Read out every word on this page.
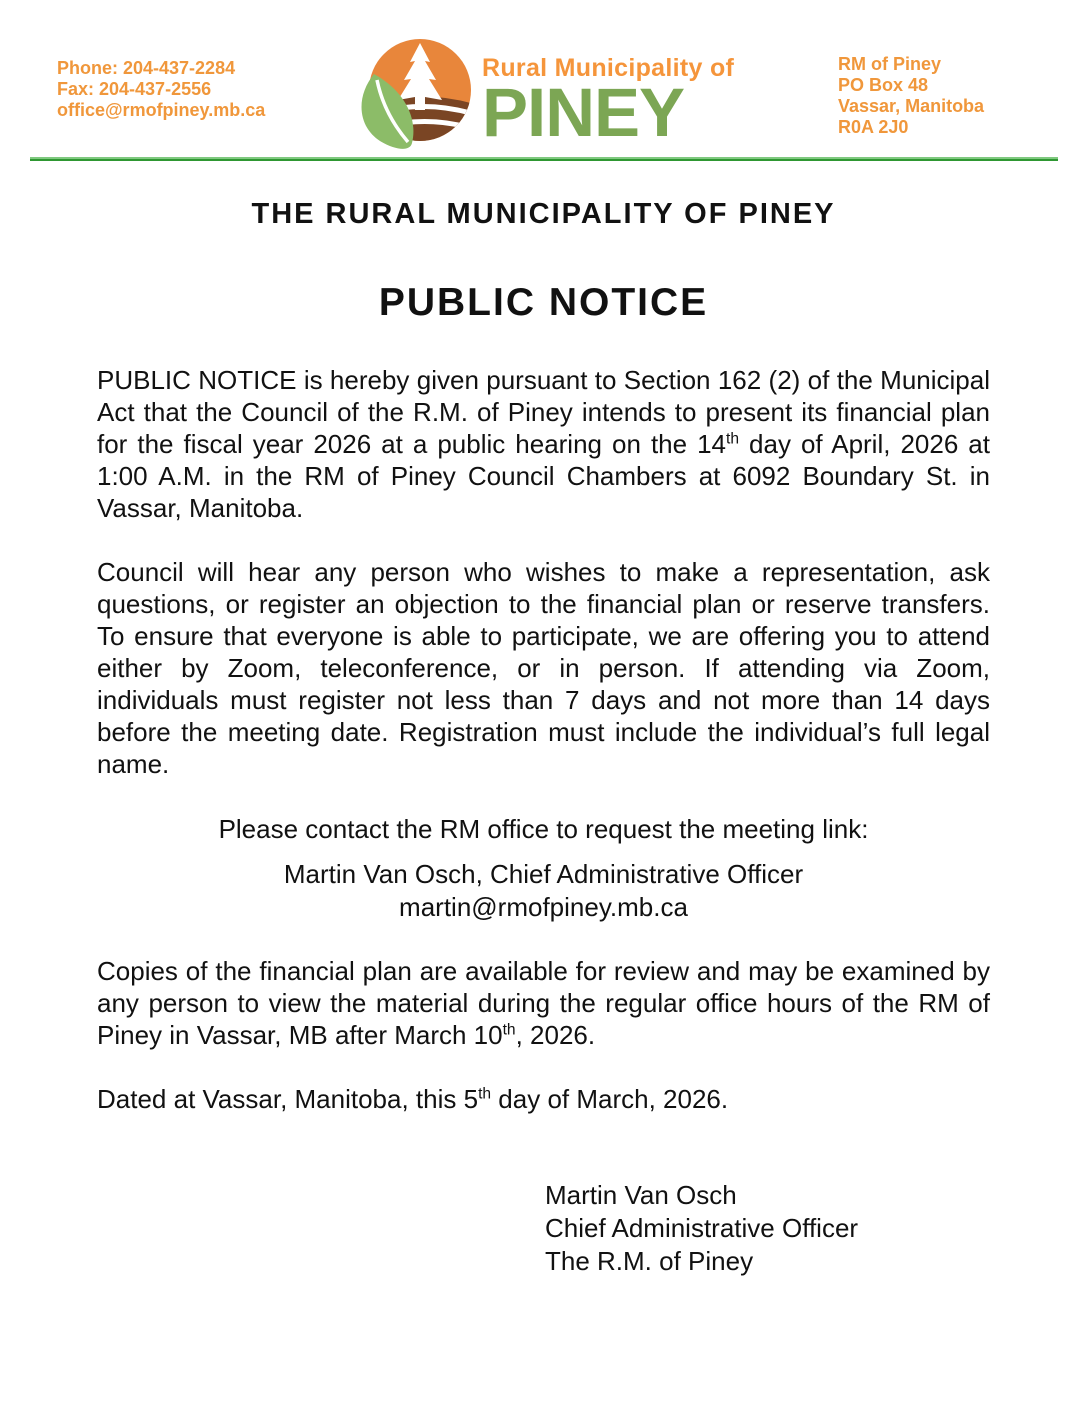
Phone: 204-437-2284
Fax: 204-437-2556
office@rmofpiney.mb.ca
Rural Municipality of
PINEY
RM of Piney
PO Box 48
Vassar, Manitoba
R0A 2J0
THE RURAL MUNICIPALITY OF PINEY
PUBLIC NOTICE

PUBLIC NOTICE is hereby given pursuant to Section 162 (2) of the Municipal Act that the Council of the R.M. of Piney intends to present its financial plan for the fiscal year 2026 at a public hearing on the 14th day of April, 2026 at 1:00 A.M. in the RM of Piney Council Chambers at 6092 Boundary St. in Vassar, Manitoba.

Council will hear any person who wishes to make a representation, ask questions, or register an objection to the financial plan or reserve transfers. To ensure that everyone is able to participate, we are offering you to attend either by Zoom, teleconference, or in person. If attending via Zoom, individuals must register not less than 7 days and not more than 14 days before the meeting date. Registration must include the individual’s full legal name.

Please contact the RM office to request the meeting link:
Martin Van Osch, Chief Administrative Officer
martin@rmofpiney.mb.ca

Copies of the financial plan are available for review and may be examined by any person to view the material during the regular office hours of the RM of Piney in Vassar, MB after March 10th, 2026.

Dated at Vassar, Manitoba, this 5th day of March, 2026.

Martin Van Osch
Chief Administrative Officer
The R.M. of Piney
